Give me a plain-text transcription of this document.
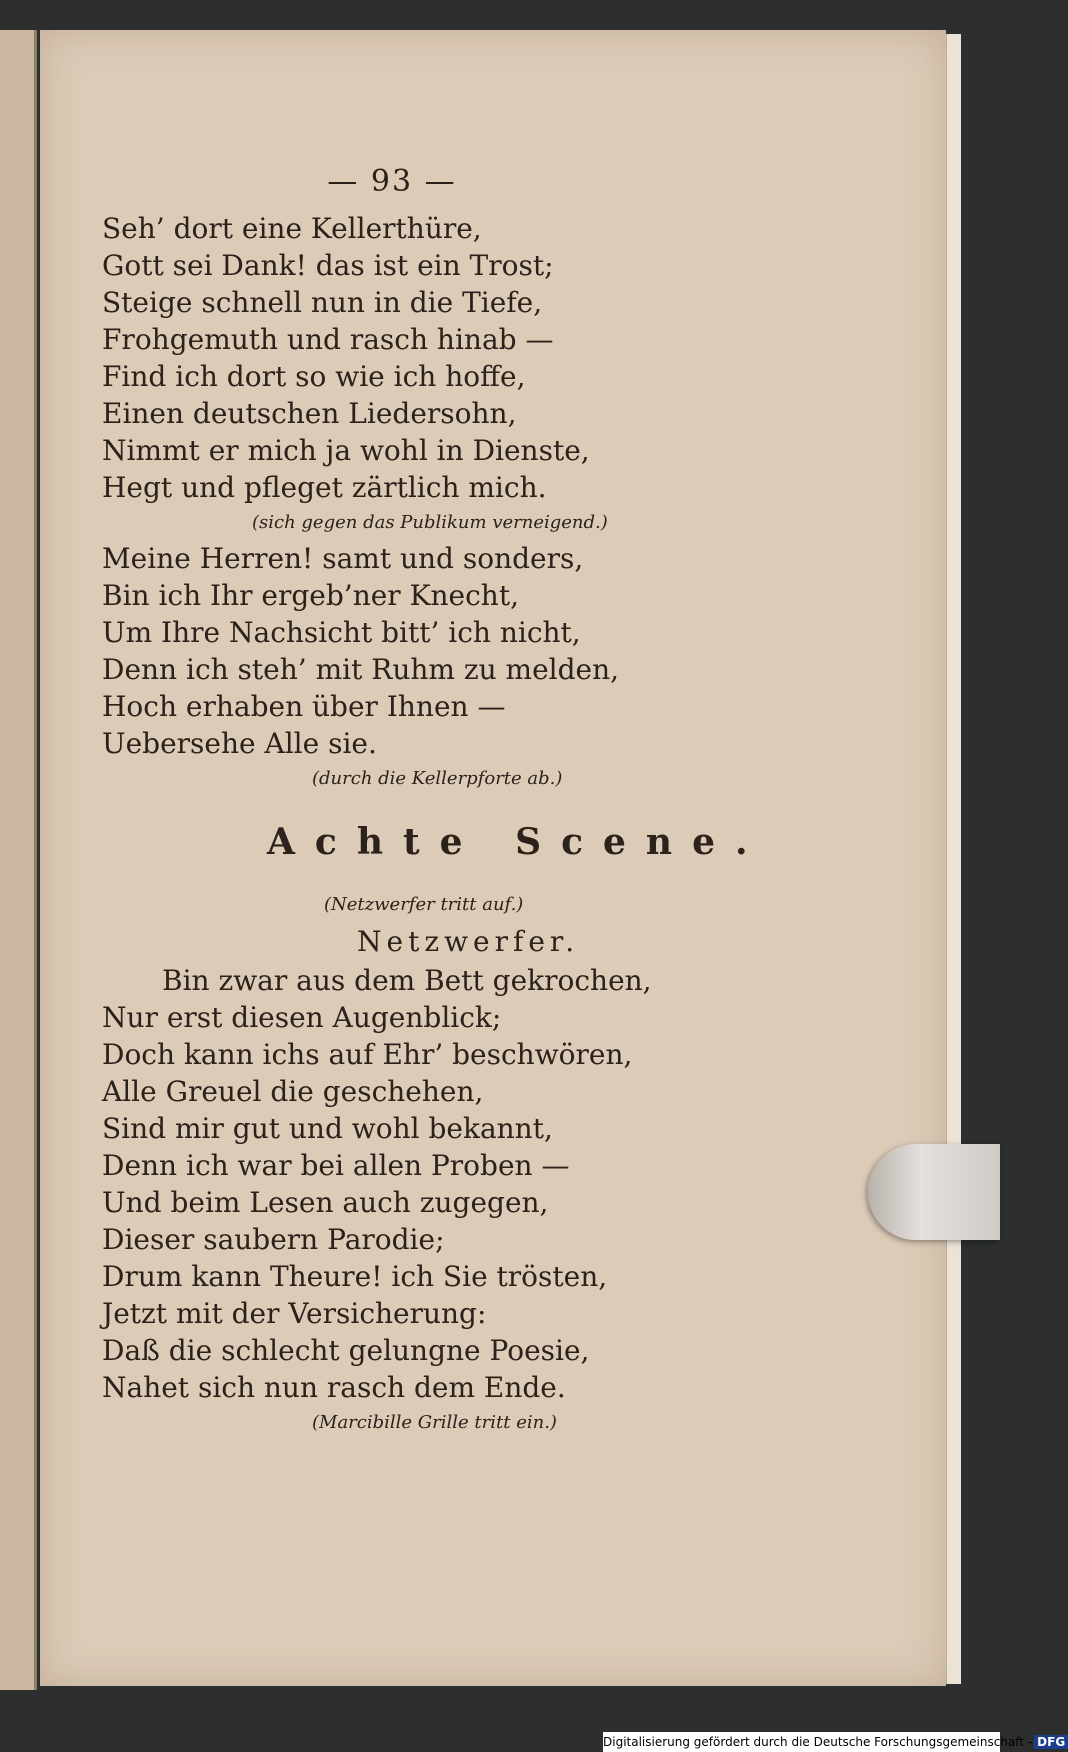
— 93 —
Seh’ dort eine Kellerthüre,
Gott sei Dank! das ist ein Trost;
Steige schnell nun in die Tiefe,
Frohgemuth und rasch hinab —
Find ich dort so wie ich hoffe,
Einen deutschen Liedersohn,
Nimmt er mich ja wohl in Dienste,
Hegt und pfleget zärtlich mich.
(sich gegen das Publikum verneigend.)
Meine Herren! samt und sonders,
Bin ich Ihr ergeb’ner Knecht,
Um Ihre Nachsicht bitt’ ich nicht,
Denn ich steh’ mit Ruhm zu melden,
Hoch erhaben über Ihnen —
Uebersehe Alle sie.
(durch die Kellerpforte ab.)
Achte Scene.
(Netzwerfer tritt auf.)
Netzwerfer.
Bin zwar aus dem Bett gekrochen,
Nur erst diesen Augenblick;
Doch kann ichs auf Ehr’ beschwören,
Alle Greuel die geschehen,
Sind mir gut und wohl bekannt,
Denn ich war bei allen Proben —
Und beim Lesen auch zugegen,
Dieser saubern Parodie;
Drum kann Theure! ich Sie trösten,
Jetzt mit der Versicherung:
Daß die schlecht gelungne Poesie,
Nahet sich nun rasch dem Ende.
(Marcibille Grille tritt ein.)
Digitalisierung gefördert durch die Deutsche Forschungsgemeinschaft - DFG
